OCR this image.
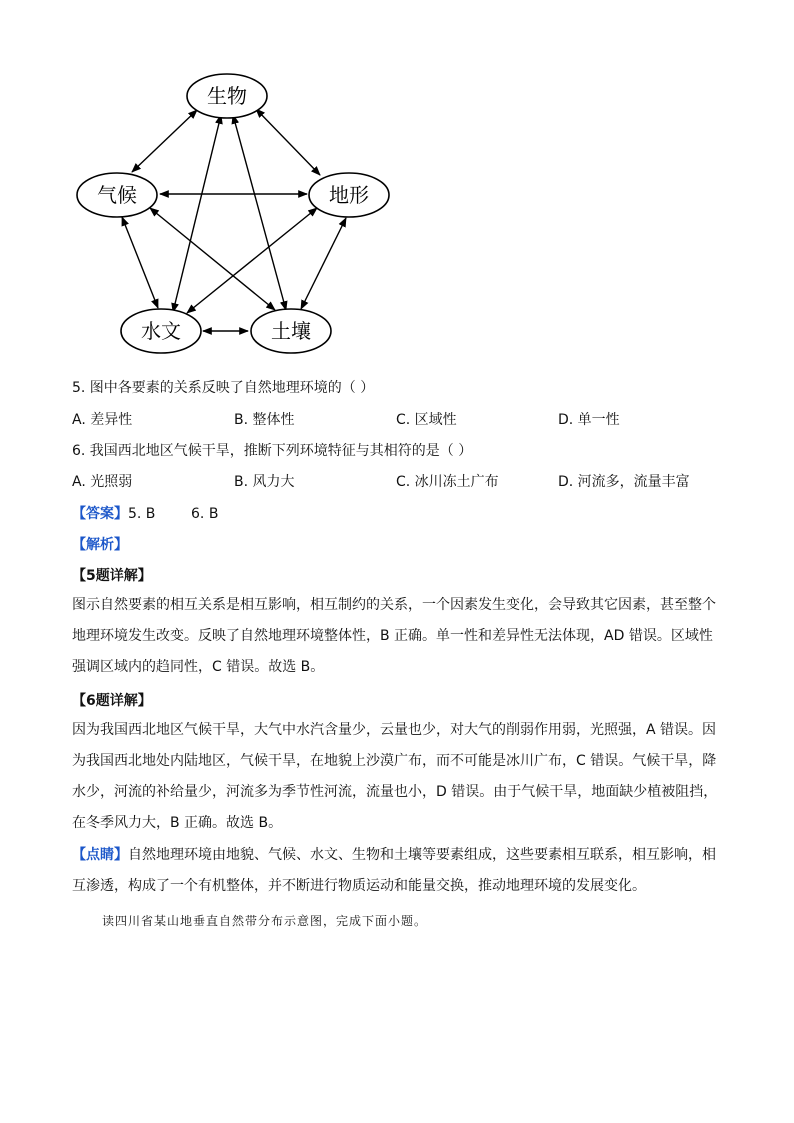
生物
气候	地形
水文	土壤
5. 图中各要素的关系反映了自然地理环境的（ ）
A. 差异性	B. 整体性	C. 区域性	D. 单一性
6. 我国西北地区气候干旱，推断下列环境特征与其相符的是（ ）
A. 光照弱	B. 风力大	C. 冰川冻土广布	D. 河流多，流量丰富
【答案】5. B        6. B
【解析】
【5题详解】
图示自然要素的相互关系是相互影响，相互制约的关系，一个因素发生变化，会导致其它因素，甚至整个
地理环境发生改变。反映了自然地理环境整体性，B 正确。单一性和差异性无法体现，AD 错误。区域性
强调区域内的趋同性，C 错误。故选 B。
【6题详解】
因为我国西北地区气候干旱，大气中水汽含量少，云量也少，对大气的削弱作用弱，光照强，A 错误。因
为我国西北地处内陆地区，气候干旱，在地貌上沙漠广布，而不可能是冰川广布，C 错误。气候干旱，降
水少，河流的补给量少，河流多为季节性河流，流量也小，D 错误。由于气候干旱，地面缺少植被阻挡，
在冬季风力大，B 正确。故选 B。
【点睛】自然地理环境由地貌、气候、水文、生物和土壤等要素组成，这些要素相互联系，相互影响，相
互渗透，构成了一个有机整体，并不断进行物质运动和能量交换，推动地理环境的发展变化。
读四川省某山地垂直自然带分布示意图，完成下面小题。
